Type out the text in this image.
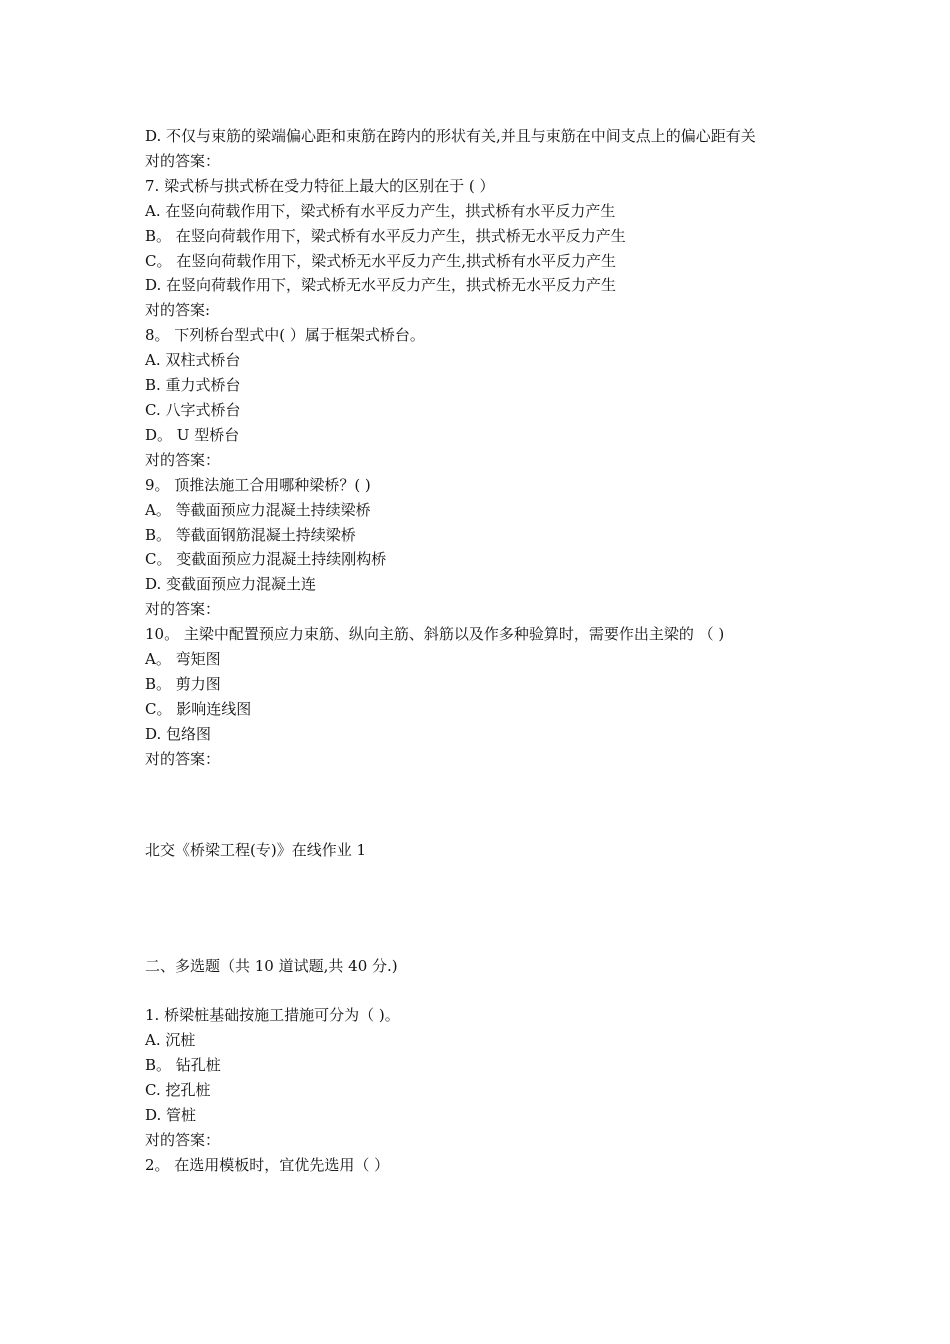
D. 不仅与束筋的梁端偏心距和束筋在跨内的形状有关,并且与束筋在中间支点上的偏心距有关

对的答案：

7. 梁式桥与拱式桥在受力特征上最大的区别在于 ( ）

A. 在竖向荷载作用下，梁式桥有水平反力产生，拱式桥有水平反力产生

B。 在竖向荷载作用下，梁式桥有水平反力产生，拱式桥无水平反力产生

C。 在竖向荷载作用下，梁式桥无水平反力产生,拱式桥有水平反力产生

D. 在竖向荷载作用下，梁式桥无水平反力产生，拱式桥无水平反力产生

对的答案:

8。 下列桥台型式中( ）属于框架式桥台。

A. 双柱式桥台

B. 重力式桥台

C. 八字式桥台

D。 U 型桥台

对的答案：

9。 顶推法施工合用哪种梁桥？( )

A。 等截面预应力混凝土持续梁桥

B。 等截面钢筋混凝土持续梁桥

C。 变截面预应力混凝土持续刚构桥

D. 变截面预应力混凝土连

对的答案：

10。 主梁中配置预应力束筋、纵向主筋、斜筋以及作多种验算时，需要作出主梁的 （ )

A。 弯矩图

B。 剪力图

C。 影响连线图

D. 包络图

对的答案：

北交《桥梁工程(专)》在线作业 1

二、多选题（共 10 道试题,共 40 分.)

1. 桥梁桩基础按施工措施可分为（ )。

A. 沉桩

B。 钻孔桩

C. 挖孔桩

D. 管桩

对的答案：

2。 在选用模板时，宜优先选用（ ）
